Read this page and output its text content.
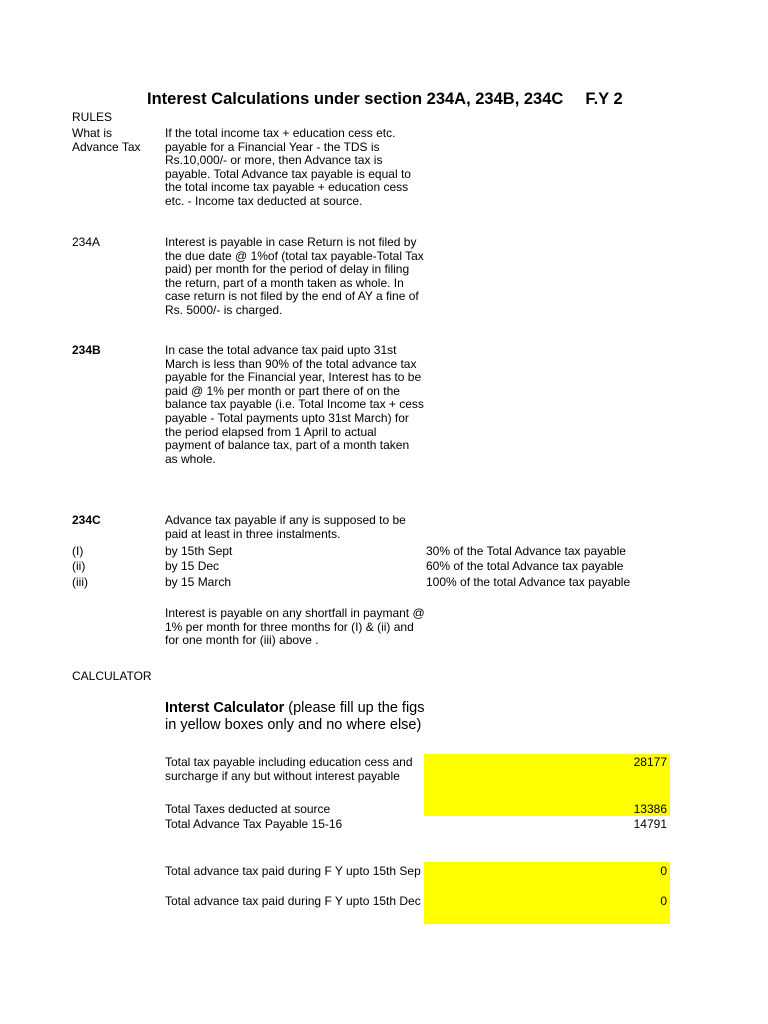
Interest Calculations under section 234A, 234B, 234C F.Y 2
RULES
What is Advance Tax
If the total income tax + education cess etc. payable for a Financial Year - the TDS is Rs.10,000/- or more, then Advance tax is payable. Total Advance tax payable is equal to the total income tax payable + education cess etc. - Income tax deducted at source.
234A	Interest is payable in case Return is not filed by the due date @ 1%of (total tax payable-Total Tax paid) per month for the period of delay in filing the return, part of a month taken as whole. In case return is not filed by the end of AY a fine of Rs. 5000/- is charged.
234B	In case the total advance tax paid upto 31st March is less than 90% of the total advance tax payable for the Financial year, Interest has to be paid @ 1% per month or part there of on the balance tax payable (i.e. Total Income tax + cess payable - Total payments upto 31st March) for the period elapsed from 1 April to actual payment of balance tax, part of a month taken as whole.
234C	Advance tax payable if any is supposed to be paid at least in three instalments.
(I)	by 15th Sept	30% of the Total Advance tax payable
(ii)	by 15 Dec	60% of the total Advance tax payable
(iii)	by 15 March	100% of the total Advance tax payable
Interest is payable on any shortfall in paymant @ 1% per month for three months for (I) & (ii) and for one month for (iii) above .
CALCULATOR
Interst Calculator (please fill up the figs in yellow boxes only and no where else)
Total tax payable including education cess and surcharge if any but without interest payable
28177
Total Taxes deducted at source	13386
Total Advance Tax Payable 15-16	14791
Total advance tax paid during F Y upto 15th Sep	0
Total advance tax paid during F Y upto 15th Dec	0
